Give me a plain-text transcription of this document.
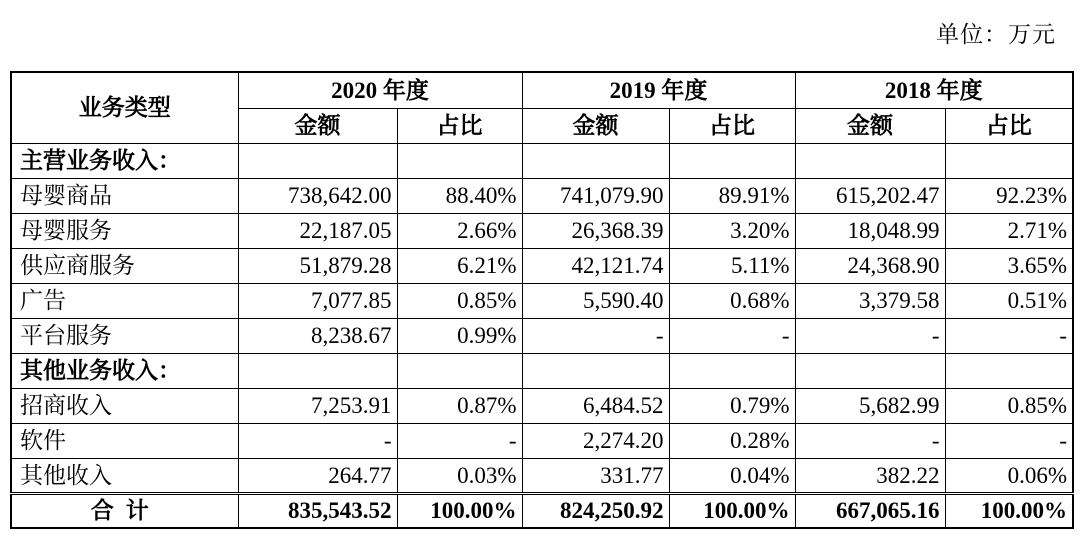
单位：万元
业务类型	2020 年度		2019 年度		2018 年度	
	金额	占比	金额	占比	金额	占比
主营业务收入：						
母婴商品	738,642.00	88.40%	741,079.90	89.91%	615,202.47	92.23%
母婴服务	22,187.05	2.66%	26,368.39	3.20%	18,048.99	2.71%
供应商服务	51,879.28	6.21%	42,121.74	5.11%	24,368.90	3.65%
广告	7,077.85	0.85%	5,590.40	0.68%	3,379.58	0.51%
平台服务	8,238.67	0.99%	-	-	-	-
其他业务收入：						
招商收入	7,253.91	0.87%	6,484.52	0.79%	5,682.99	0.85%
软件	-	-	2,274.20	0.28%	-	-
其他收入	264.77	0.03%	331.77	0.04%	382.22	0.06%
合计	835,543.52	100.00%	824,250.92	100.00%	667,065.16	100.00%
